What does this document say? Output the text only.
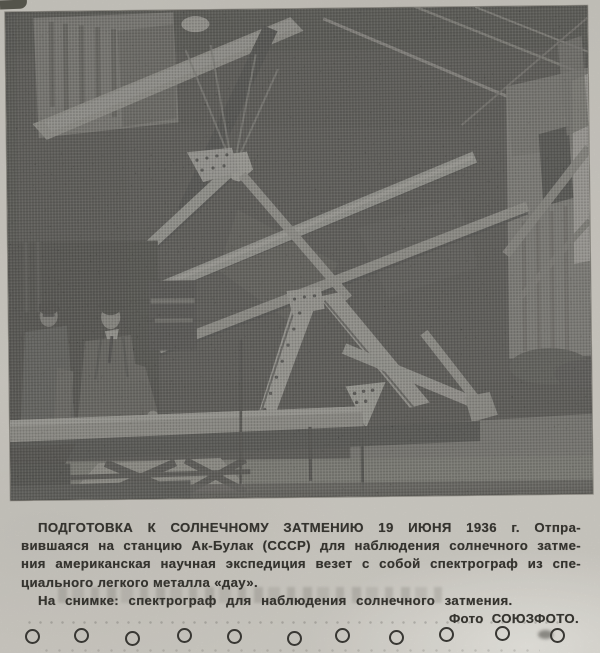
ПОДГОТОВКА К СОЛНЕЧНОМУ ЗАТМЕНИЮ 19 ИЮНЯ 1936 г. Отпра-

вившаяся на станцию Ак-Булак (СССР) для наблюдения солнечного затме-

ния американская научная экспедиция везет с собой спектрограф из спе-

циального легкого металла «дау».

На снимке: спектрограф для наблюдения солнечного затмения.

Фото СОЮЗФОТО.
